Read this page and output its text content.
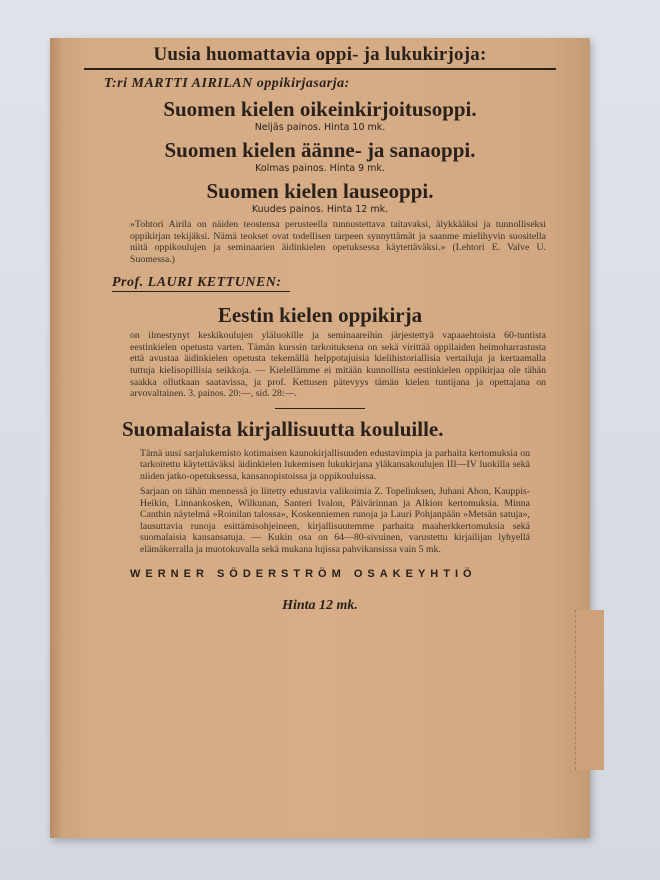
Uusia huomattavia oppi- ja lukukirjoja:
T:ri MARTTI AIRILAN oppikirjasarja:
Suomen kielen oikeinkirjoitusoppi.
Neljäs painos. Hinta 10 mk.
Suomen kielen äänne- ja sanaoppi.
Kolmas painos. Hinta 9 mk.
Suomen kielen lauseoppi.
Kuudes painos. Hinta 12 mk.
»Tohtori Airila on näiden teostensa perusteella tunnustettava taitavaksi, älykkääksi ja tunnolliseksi oppikirjan tekijäksi. Nämä teokset ovat todellisen tarpeen synnyttämät ja saanme mielihyvin suositella niitä oppikoulujen ja seminaarien äidinkielen opetuksessa käytettäväksi.» (Lehtori E. Valve U. Suomessa.)
Prof. LAURI KETTUNEN:
Eestin kielen oppikirja
on ilmestynyt keskikoulujen yläluokille ja seminaareihin järjestettyä vapaaehtoista 60-tuntista eestinkielen opetusta varten. Tämän kurssin tarkoituksena on sekä virittää oppilaiden heimoharrastusta että avustaa äidinkielen opetusta tekemällä helppotajuisia kielihistoriallisia vertailuja ja kertaamalla tuttuja kielisopillisia seikkoja. — Kielellämme ei mitään kunnollista eestinkielen oppikirjaa ole tähän saakka ollutkaan saatavissa, ja prof. Kettusen pätevyys tämän kielen tuntijana ja opettajana on arvovaltainen. 3. painos. 20:—, sid. 28:—.
Suomalaista kirjallisuutta kouluille.
Tämä uusi sarjalukemisto kotimaisen kaunokirjallisuuden edustavimpia ja parhaita kertomuksia on tarkoitettu käytettäväksi äidinkielen lukemisen lukukirjana yläkansakoulujen III—IV luokilla sekä niiden jatko-opetuksessa, kansanopistoissa ja oppikouluissa.
Sarjaan on tähän mennessä jo liitetty edustavia valikoimia Z. Topeliuksen, Juhani Ahon, Kauppis-Heikin, Linnankosken, Wilkunan, Santeri Ivalon, Päivärinnan ja Alkion kertomuksia. Minna Canthin näytelmä »Roinilan talossa», Koskenniemen runoja ja Lauri Pohjanpään »Metsän satuja», lausuttavia runoja esittämisohjeineen, kirjallisuutemme parhaita maaherkkertomuksia sekä suomalaisia kansansatuja. — Kukin osa on 64—80-sivuinen, varustettu kirjailijan lyhyellä elämäkerralla ja muotokuvalla sekä mukana lujissa pahvikansissa vain 5 mk.
WERNER SÖDERSTRÖM OSAKEYHTIÖ
Hinta 12 mk.
